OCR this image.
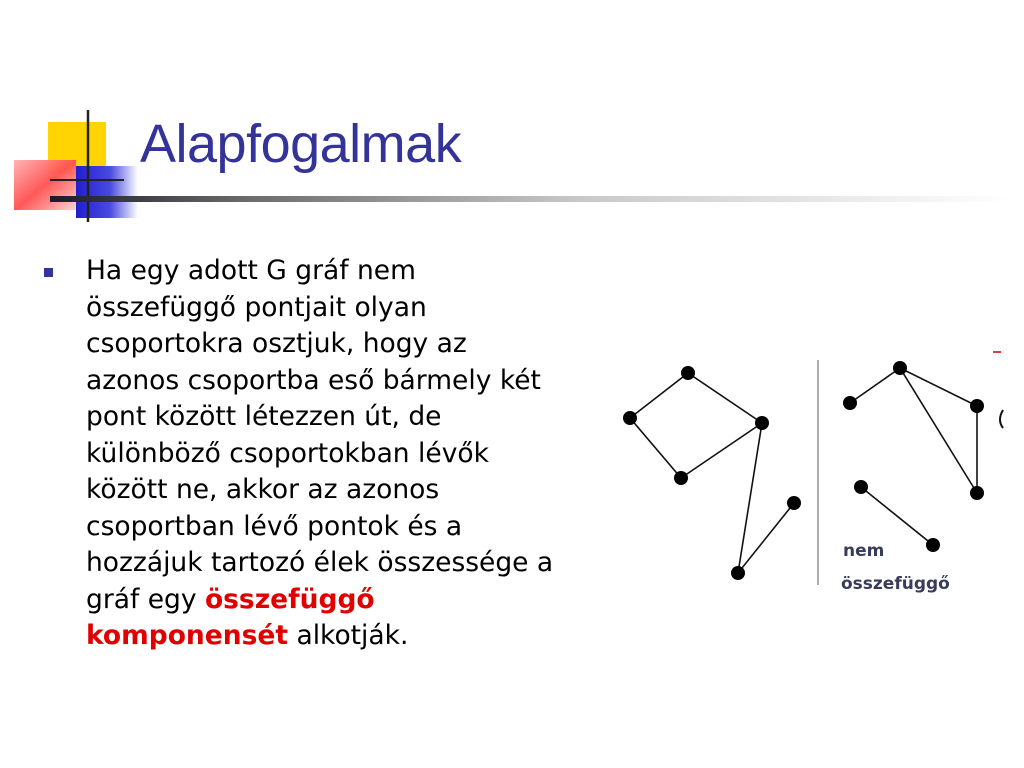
Alapfogalmak

Ha egy adott G gráf nem összefüggő pontjait olyan csoportokra osztjuk, hogy az azonos csoportba eső bármely két pont között létezzen út, de különböző csoportokban lévők között ne, akkor az azonos csoportban lévő pontok és a hozzájuk tartozó élek összessége a gráf egy összefüggő komponensét alkotják.

nem
összefüggő
